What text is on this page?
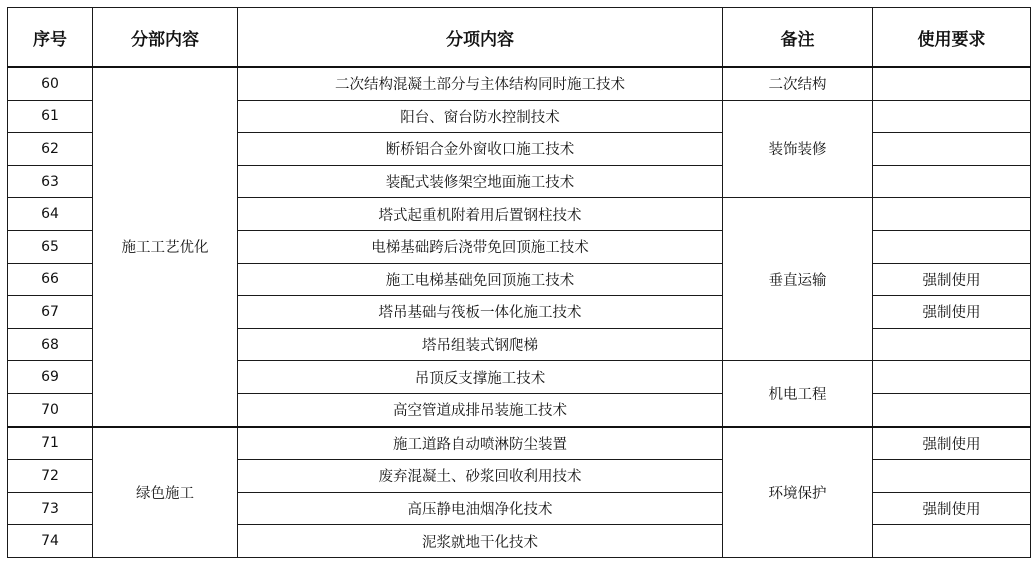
序号	分部内容	分项内容	备注	使用要求
60	施工工艺优化	二次结构混凝土部分与主体结构同时施工技术	二次结构	
61		阳台、窗台防水控制技术	装饰装修	
62		断桥铝合金外窗收口施工技术		
63		装配式装修架空地面施工技术		
64		塔式起重机附着用后置钢柱技术	垂直运输	
65		电梯基础跨后浇带免回顶施工技术		
66		施工电梯基础免回顶施工技术		强制使用
67		塔吊基础与筏板一体化施工技术		强制使用
68		塔吊组装式钢爬梯		
69		吊顶反支撑施工技术	机电工程	
70		高空管道成排吊装施工技术		
71	绿色施工	施工道路自动喷淋防尘装置	环境保护	强制使用
72		废弃混凝土、砂浆回收利用技术		
73		高压静电油烟净化技术		强制使用
74		泥浆就地干化技术		
